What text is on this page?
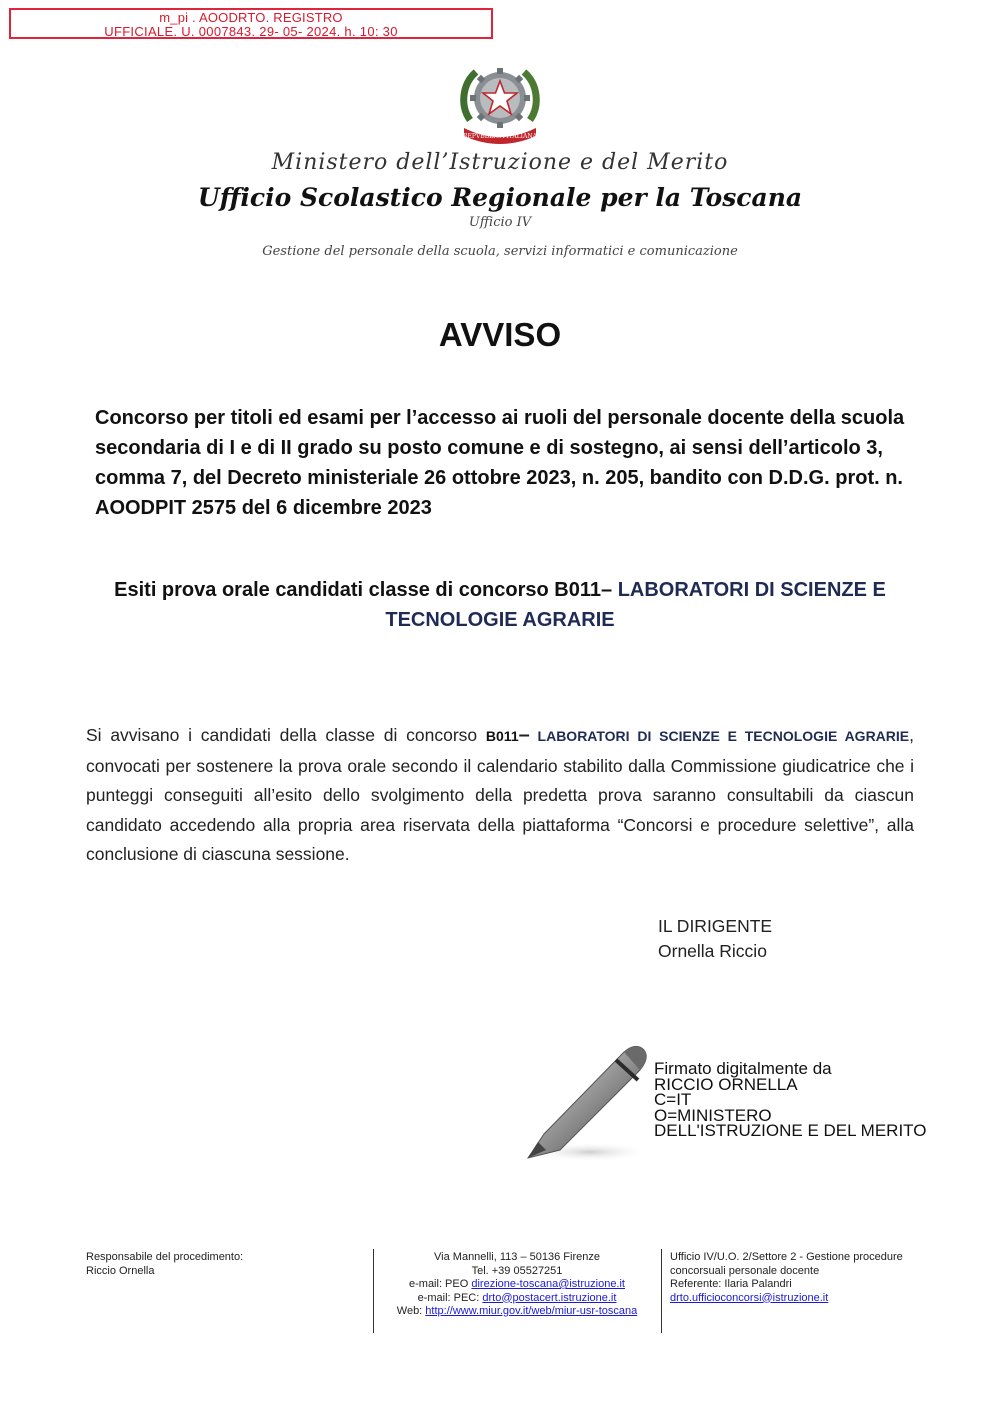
m_pi . AOODRTO. REGISTRO
UFFICIALE. U. 0007843. 29- 05- 2024. h. 10: 30
REPVBBLICA ITALIANA
Ministero dell’Istruzione e del Merito
Ufficio Scolastico Regionale per la Toscana
Ufficio IV
Gestione del personale della scuola, servizi informatici e comunicazione
AVVISO
Concorso per titoli ed esami per l’accesso ai ruoli del personale docente della scuola secondaria di I e di II grado su posto comune e di sostegno, ai sensi dell’articolo 3, comma 7, del Decreto ministeriale 26 ottobre 2023, n. 205, bandito con D.D.G. prot. n. AOODPIT 2575 del 6 dicembre 2023
Esiti prova orale candidati classe di concorso B011– LABORATORI DI SCIENZE E
TECNOLOGIE AGRARIE
Si avvisano i candidati della classe di concorso B011– LABORATORI DI SCIENZE E TECNOLOGIE AGRARIE, convocati per sostenere la prova orale secondo il calendario stabilito dalla Commissione giudicatrice che i punteggi conseguiti all’esito dello svolgimento della predetta prova saranno consultabili da ciascun candidato accedendo alla propria area riservata della piattaforma “Concorsi e procedure selettive”, alla conclusione di ciascuna sessione.
IL DIRIGENTE
Ornella Riccio
Firmato digitalmente da
RICCIO ORNELLA
C=IT
O=MINISTERO
DELL'ISTRUZIONE E DEL MERITO
Responsabile del procedimento:
Riccio Ornella
Via Mannelli, 113 – 50136 Firenze
Tel. +39 05527251
e-mail: PEO direzione-toscana@istruzione.it
e-mail: PEC: drto@postacert.istruzione.it
Web: http://www.miur.gov.it/web/miur-usr-toscana
Ufficio IV/U.O. 2/Settore 2 - Gestione procedure
concorsuali personale docente
Referente: Ilaria Palandri
drto.ufficioconcorsi@istruzione.it
